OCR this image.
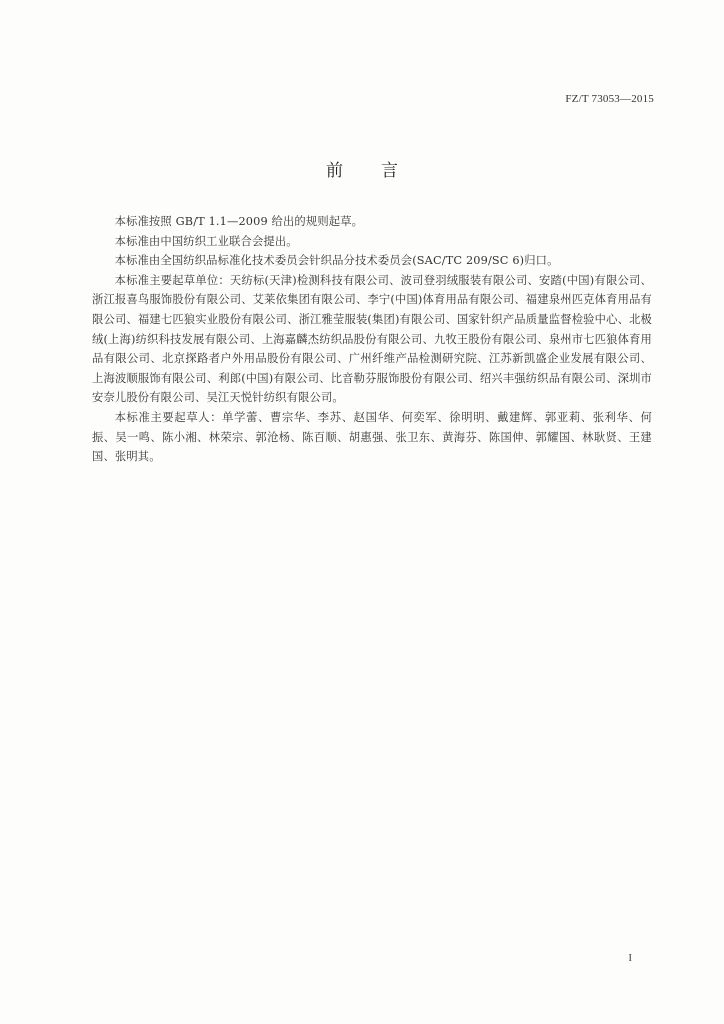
FZ/T 73053—2015
前 言

本标准按照 GB/T 1.1—2009 给出的规则起草。

本标准由中国纺织工业联合会提出。

本标准由全国纺织品标准化技术委员会针织品分技术委员会(SAC/TC 209/SC 6)归口。

本标准主要起草单位：天纺标(天津)检测科技有限公司、波司登羽绒服装有限公司、安踏(中国)有限公司、浙江报喜鸟服饰股份有限公司、艾莱依集团有限公司、李宁(中国)体育用品有限公司、福建泉州匹克体育用品有限公司、福建七匹狼实业股份有限公司、浙江雅莹服装(集团)有限公司、国家针织产品质量监督检验中心、北极绒(上海)纺织科技发展有限公司、上海嘉麟杰纺织品股份有限公司、九牧王股份有限公司、泉州市七匹狼体育用品有限公司、北京探路者户外用品股份有限公司、广州纤维产品检测研究院、江苏新凯盛企业发展有限公司、上海波顺服饰有限公司、利郎(中国)有限公司、比音勒芬服饰股份有限公司、绍兴丰强纺织品有限公司、深圳市安奈儿股份有限公司、吴江天悦针纺织有限公司。

本标准主要起草人：单学蕾、曹宗华、李苏、赵国华、何奕军、徐明明、戴建辉、郭亚莉、张利华、何振、吴一鸣、陈小湘、林荣宗、郭沧杨、陈百顺、胡惠强、张卫东、黄海芬、陈国伸、郭耀国、林耿贤、王建国、张明其。

I
